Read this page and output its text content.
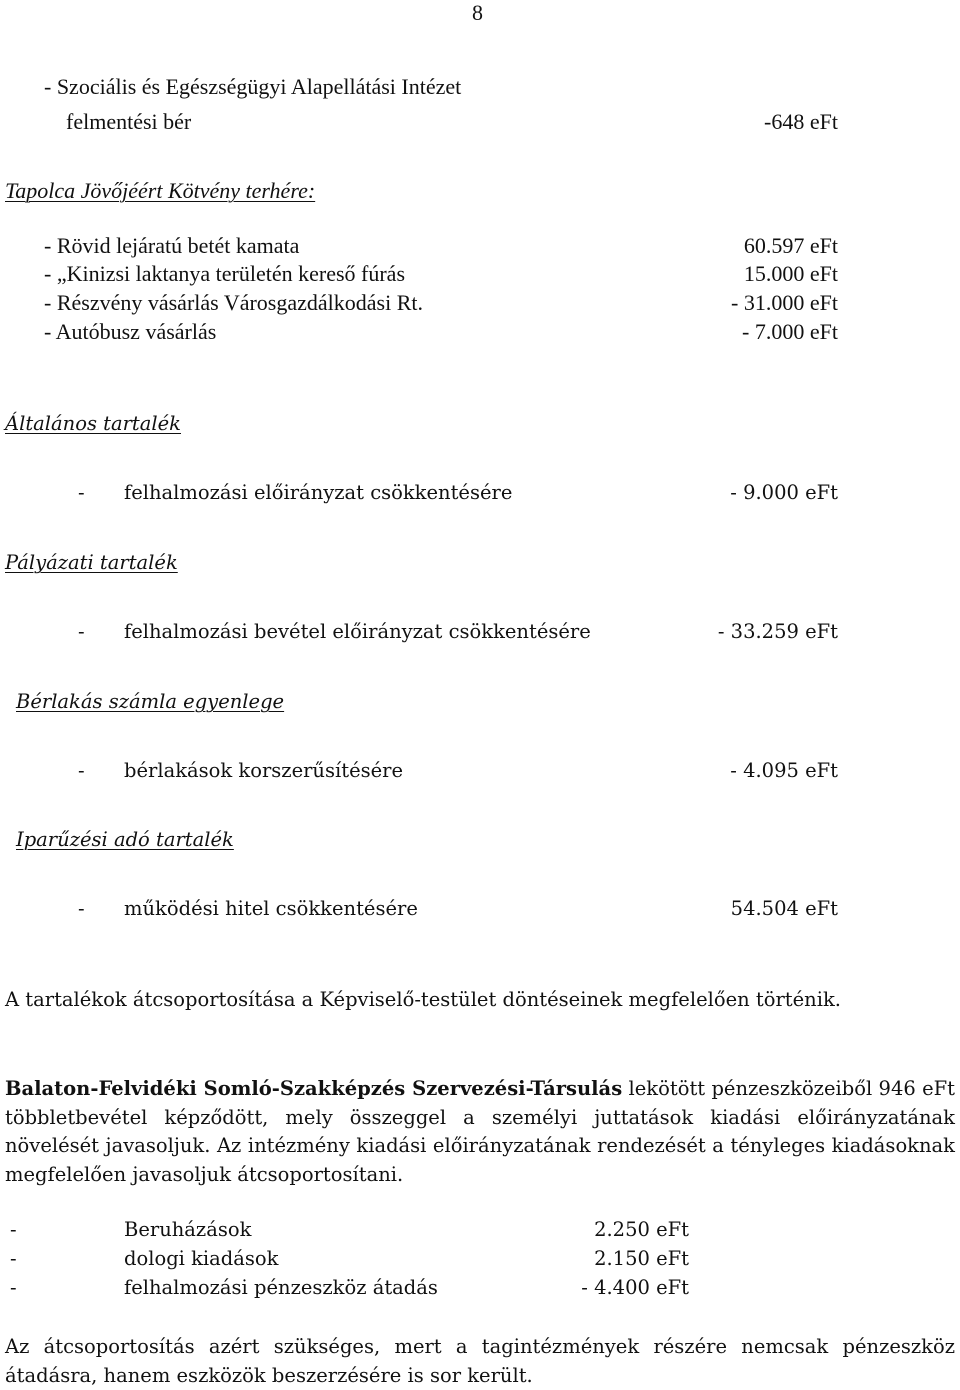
8
- Szociális és Egészségügyi Alapellátási Intézet
felmentési bér	-648 eFt
Tapolca Jövőjéért Kötvény terhére:
- Rövid lejáratú betét kamata	60.597 eFt
- „Kinizsi laktanya területén kereső fúrás	15.000 eFt
- Részvény vásárlás Városgazdálkodási Rt.	- 31.000 eFt
- Autóbusz vásárlás	- 7.000 eFt
Általános tartalék
- felhalmozási előirányzat csökkentésére	- 9.000 eFt
Pályázati tartalék
- felhalmozási bevétel előirányzat csökkentésére	- 33.259 eFt
Bérlakás számla egyenlege
- bérlakások korszerűsítésére	- 4.095 eFt
Iparűzési adó tartalék
- működési hitel csökkentésére	54.504 eFt
A tartalékok átcsoportosítása a Képviselő-testület döntéseinek megfelelően történik.
Balaton-Felvidéki Somló-Szakképzés Szervezési-Társulás lekötött pénzeszközeiből 946 eFt többletbevétel képződött, mely összeggel a személyi juttatások kiadási előirányzatának növelését javasoljuk. Az intézmény kiadási előirányzatának rendezését a tényleges kiadásoknak megfelelően javasoljuk átcsoportosítani.
-	Beruházások	2.250 eFt
-	dologi kiadások	2.150 eFt
-	felhalmozási pénzeszköz átadás	- 4.400 eFt
Az átcsoportosítás azért szükséges, mert a tagintézmények részére nemcsak pénzeszköz átadásra, hanem eszközök beszerzésére is sor került.
